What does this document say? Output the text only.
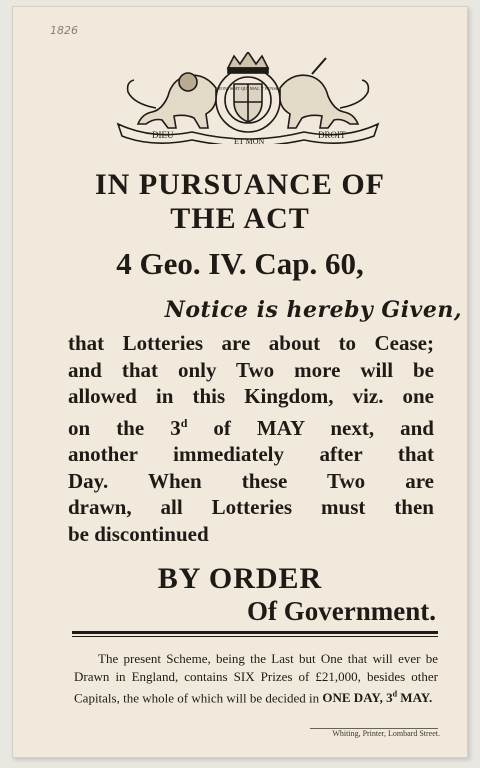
1826
HONI SOIT QUI MAL Y PENSE
DIEU
ET MON
DROIT
IN PURSUANCE OF
THE ACT
4 Geo. IV. Cap. 60,
Notice is hereby Given,
that Lotteries are about to Cease;
and that only Two more will be
allowed in this Kingdom, viz. one
on the 3$^d$ of MAY next, and
another immediately after that
Day. When these Two are
drawn, all Lotteries must then
be discontinued
BY ORDER
Of Government.
The present Scheme, being the Last but One that will ever be Drawn in England, contains SIX Prizes of £21,000, besides other Capitals, the whole of which will be decided in ONE DAY, 3$^d$ MAY.
Whiting, Printer, Lombard Street.
